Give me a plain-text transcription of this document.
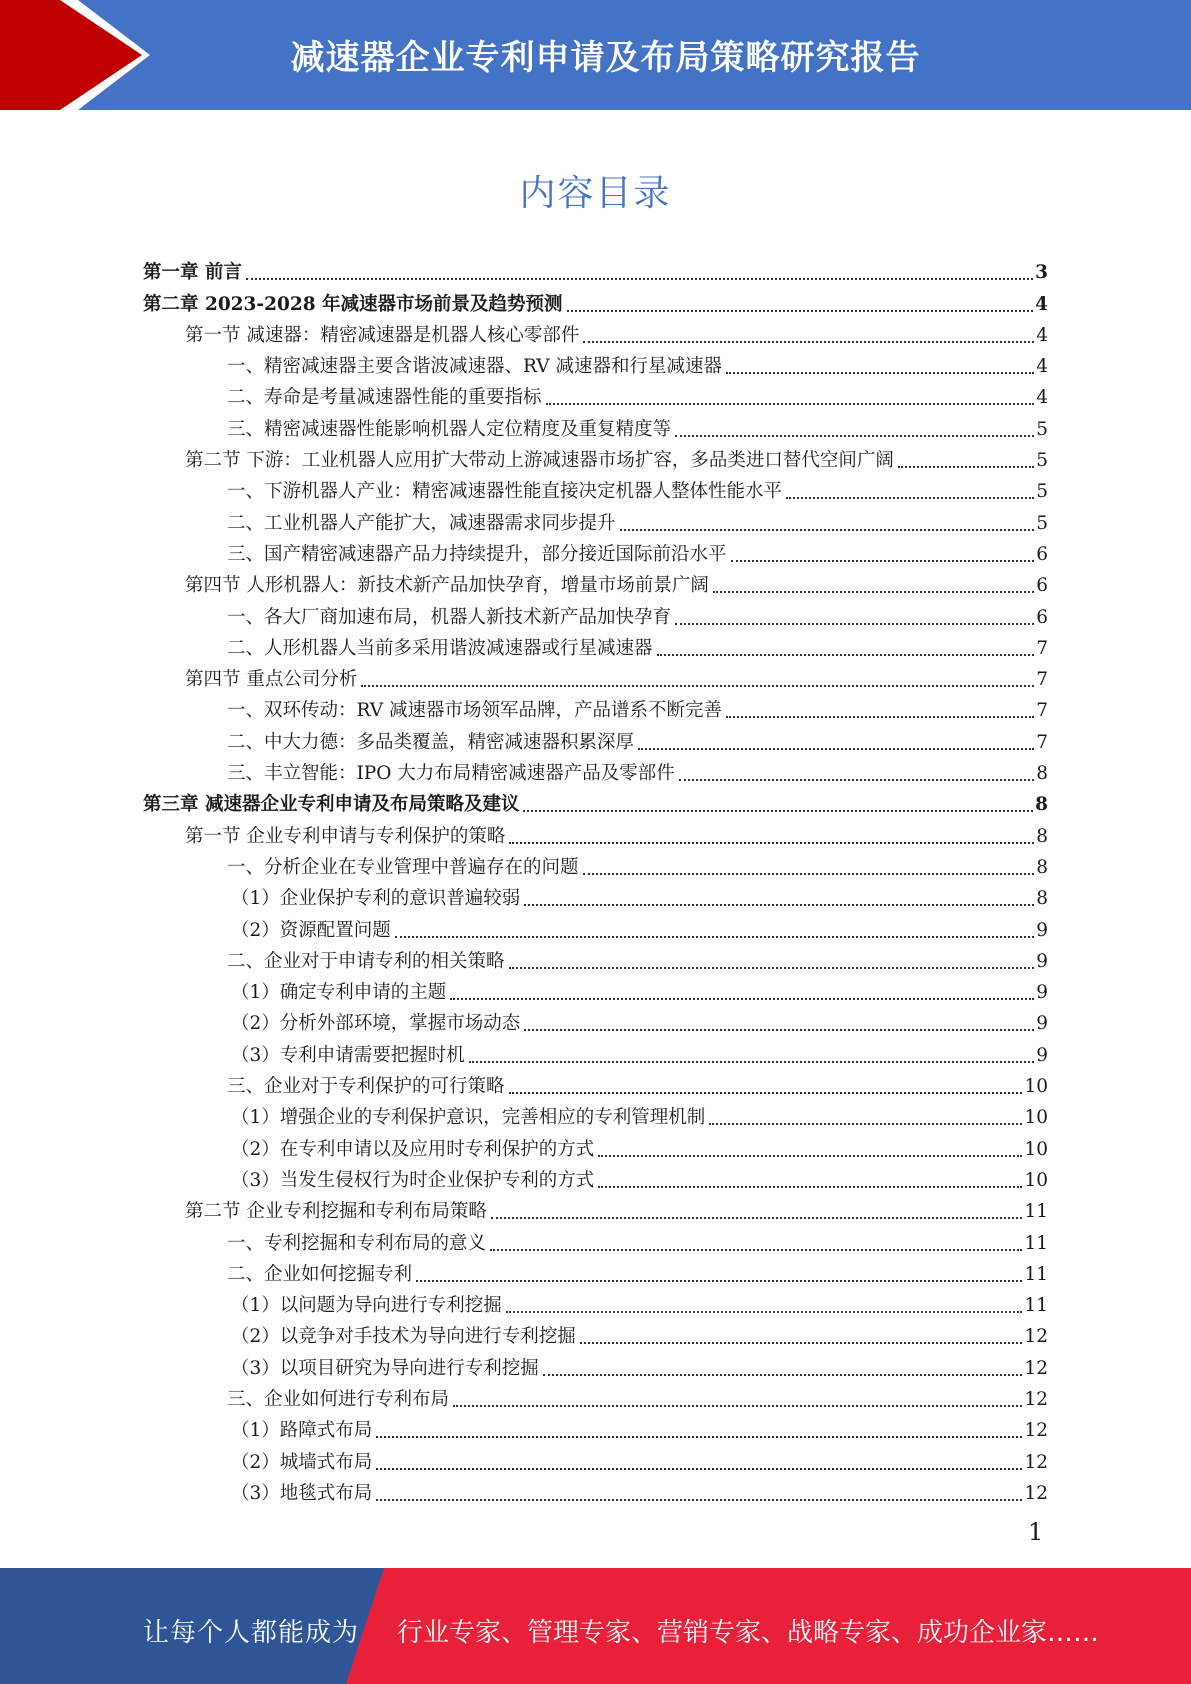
减速器企业专利申请及布局策略研究报告
内容目录
第一章 前言	3
第二章 2023-2028 年减速器市场前景及趋势预测	4
第一节 减速器：精密减速器是机器人核心零部件	4
一、精密减速器主要含谐波减速器、RV 减速器和行星减速器	4
二、寿命是考量减速器性能的重要指标	4
三、精密减速器性能影响机器人定位精度及重复精度等	5
第二节 下游：工业机器人应用扩大带动上游减速器市场扩容，多品类进口替代空间广阔	5
一、下游机器人产业：精密减速器性能直接决定机器人整体性能水平	5
二、工业机器人产能扩大，减速器需求同步提升	5
三、国产精密减速器产品力持续提升，部分接近国际前沿水平	6
第四节 人形机器人：新技术新产品加快孕育，增量市场前景广阔	6
一、各大厂商加速布局，机器人新技术新产品加快孕育	6
二、人形机器人当前多采用谐波减速器或行星减速器	7
第四节 重点公司分析	7
一、双环传动：RV 减速器市场领军品牌，产品谱系不断完善	7
二、中大力德：多品类覆盖，精密减速器积累深厚	7
三、丰立智能：IPO 大力布局精密减速器产品及零部件	8
第三章 减速器企业专利申请及布局策略及建议	8
第一节 企业专利申请与专利保护的策略	8
一、分析企业在专业管理中普遍存在的问题	8
（1）企业保护专利的意识普遍较弱	8
（2）资源配置问题	9
二、企业对于申请专利的相关策略	9
（1）确定专利申请的主题	9
（2）分析外部环境，掌握市场动态	9
（3）专利申请需要把握时机	9
三、企业对于专利保护的可行策略	10
（1）增强企业的专利保护意识，完善相应的专利管理机制	10
（2）在专利申请以及应用时专利保护的方式	10
（3）当发生侵权行为时企业保护专利的方式	10
第二节 企业专利挖掘和专利布局策略	11
一、专利挖掘和专利布局的意义	11
二、企业如何挖掘专利	11
（1）以问题为导向进行专利挖掘	11
（2）以竞争对手技术为导向进行专利挖掘	12
（3）以项目研究为导向进行专利挖掘	12
三、企业如何进行专利布局	12
（1）路障式布局	12
（2）城墙式布局	12
（3）地毯式布局	12
1
让每个人都能成为 行业专家、管理专家、营销专家、战略专家、成功企业家……
